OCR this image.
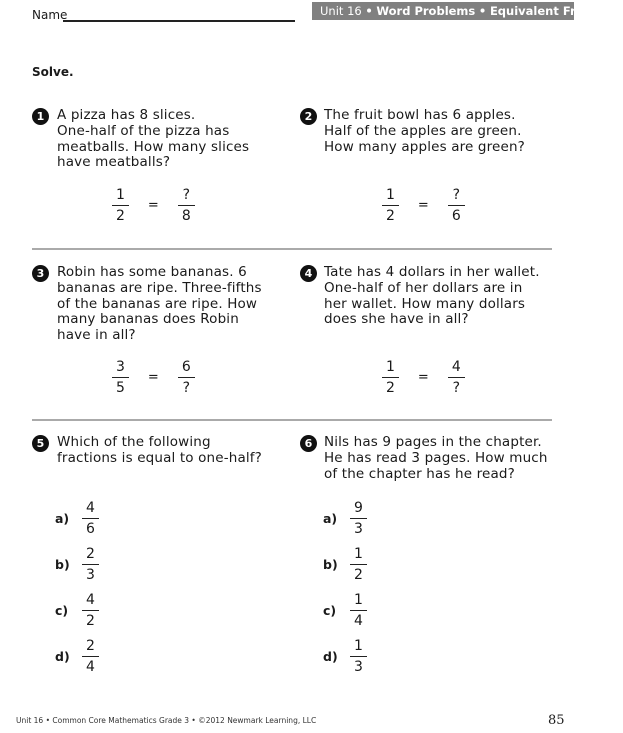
Name	Unit 16 • Word Problems • Equivalent Fractions
Solve.
1 A pizza has 8 slices.
One-half of the pizza has
meatballs. How many slices
have meatballs?
$\frac{1}{2} = \frac{?}{8}$
2 The fruit bowl has 6 apples.
Half of the apples are green.
How many apples are green?
$\frac{1}{2} = \frac{?}{6}$
3 Robin has some bananas. 6
bananas are ripe. Three-fifths
of the bananas are ripe. How
many bananas does Robin
have in all?
$\frac{3}{5} = \frac{6}{?}$
4 Tate has 4 dollars in her wallet.
One-half of her dollars are in
her wallet. How many dollars
does she have in all?
$\frac{1}{2} = \frac{4}{?}$
5 Which of the following
fractions is equal to one-half?
$a) \frac{4}{6}$
$b) \frac{2}{3}$
$c) \frac{4}{2}$
$d) \frac{2}{4}$
6 Nils has 9 pages in the chapter.
He has read 3 pages. How much
of the chapter has he read?
$a) \frac{9}{3}$
$b) \frac{1}{2}$
$c) \frac{1}{4}$
$d) \frac{1}{3}$
Unit 16 • Common Core Mathematics Grade 3 • ©2012 Newmark Learning, LLC	85
